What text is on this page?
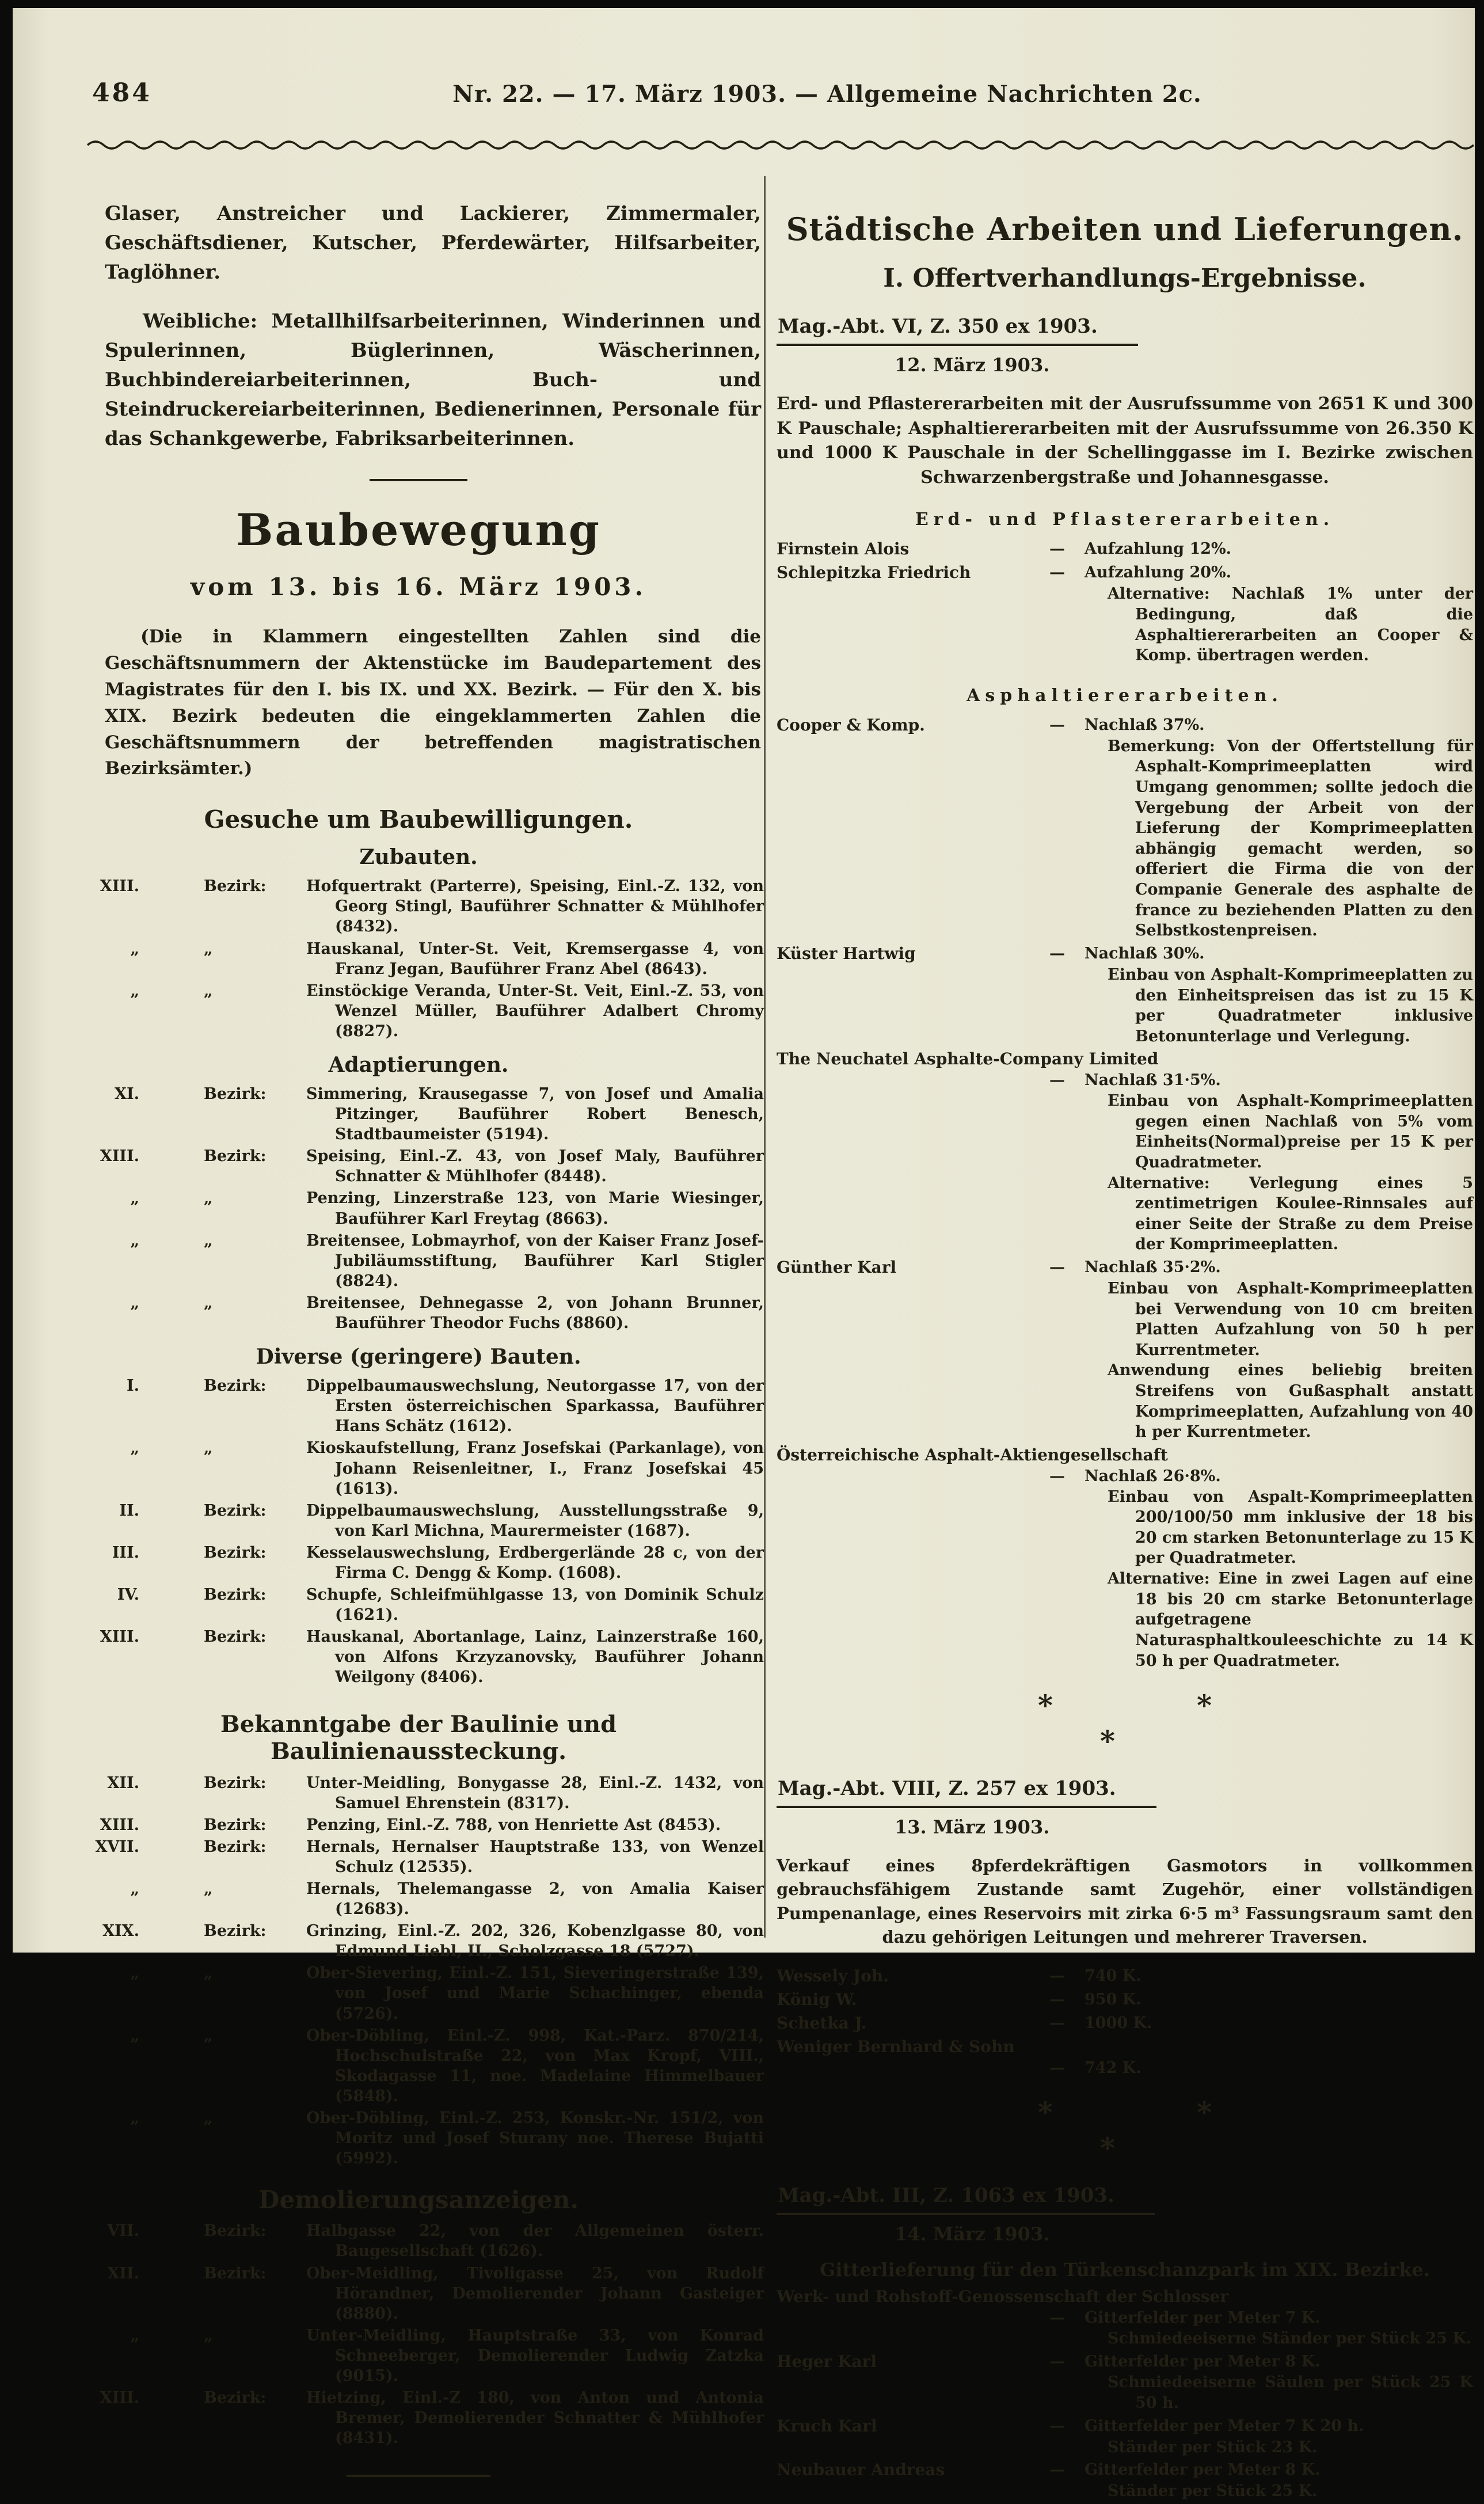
484	Nr. 22. — 17. März 1903. — Allgemeine Nachrichten 2c.

Glaser, Anstreicher und Lackierer, Zimmermaler, Geschäftsdiener, Kutscher, Pferdewärter, Hilfsarbeiter, Taglöhner.

Weibliche: Metallhilfsarbeiterinnen, Winderinnen und Spulerinnen, Büglerinnen, Wäscherinnen, Buchbindereiarbeiterinnen, Buch- und Steindruckereiarbeiterinnen, Bedienerinnen, Personale für das Schankgewerbe, Fabriksarbeiterinnen.

Baubewegung
vom 13. bis 16. März 1903.

(Die in Klammern eingestellten Zahlen sind die Geschäftsnummern der Aktenstücke im Baudepartement des Magistrates für den I. bis IX. und XX. Bezirk. — Für den X. bis XIX. Bezirk bedeuten die eingeklammerten Zahlen die Geschäftsnummern der betreffenden magistratischen Bezirksämter.)

Gesuche um Baubewilligungen.
Zubauten.
XIII.	Bezirk:	Hofquertrakt (Parterre), Speising, Einl.-Z. 132, von Georg Stingl, Bauführer Schnatter & Mühlhofer (8432).
„	„	Hauskanal, Unter-St. Veit, Kremsergasse 4, von Franz Jegan, Bauführer Franz Abel (8643).
„	„	Einstöckige Veranda, Unter-St. Veit, Einl.-Z. 53, von Wenzel Müller, Bauführer Adalbert Chromy (8827).
Adaptierungen.
XI.	Bezirk:	Simmering, Krausegasse 7, von Josef und Amalia Pitzinger, Bauführer Robert Benesch, Stadtbaumeister (5194).
XIII.	Bezirk:	Speising, Einl.-Z. 43, von Josef Maly, Bauführer Schnatter & Mühlhofer (8448).
„	„	Penzing, Linzerstraße 123, von Marie Wiesinger, Bauführer Karl Freytag (8663).
„	„	Breitensee, Lobmayrhof, von der Kaiser Franz Josef-Jubiläumsstiftung, Bauführer Karl Stigler (8824).
„	„	Breitensee, Dehnegasse 2, von Johann Brunner, Bauführer Theodor Fuchs (8860).
Diverse (geringere) Bauten.
I.	Bezirk:	Dippelbaumauswechslung, Neutorgasse 17, von der Ersten österreichischen Sparkassa, Bauführer Hans Schätz (1612).
„	„	Kioskaufstellung, Franz Josefskai (Parkanlage), von Johann Reisenleitner, I., Franz Josefskai 45 (1613).
II.	Bezirk:	Dippelbaumauswechslung, Ausstellungsstraße 9, von Karl Michna, Maurermeister (1687).
III.	Bezirk:	Kesselauswechslung, Erdbergerlände 28 c, von der Firma C. Dengg & Komp. (1608).
IV.	Bezirk:	Schupfe, Schleifmühlgasse 13, von Dominik Schulz (1621).
XIII.	Bezirk:	Hauskanal, Abortanlage, Lainz, Lainzerstraße 160, von Alfons Krzyzanovsky, Bauführer Johann Weilgony (8406).
Bekanntgabe der Baulinie und Baulinienaussteckung.
XII.	Bezirk:	Unter-Meidling, Bonygasse 28, Einl.-Z. 1432, von Samuel Ehrenstein (8317).
XIII.	Bezirk:	Penzing, Einl.-Z. 788, von Henriette Ast (8453).
XVII.	Bezirk:	Hernals, Hernalser Hauptstraße 133, von Wenzel Schulz (12535).
„	„	Hernals, Thelemangasse 2, von Amalia Kaiser (12683).
XIX.	Bezirk:	Grinzing, Einl.-Z. 202, 326, Kobenzlgasse 80, von Edmund Liebl, II., Scholzgasse 18 (5727).
„	„	Ober-Sievering, Einl.-Z. 151, Sieveringerstraße 139, von Josef und Marie Schachinger, ebenda (5726).
„	„	Ober-Döbling, Einl.-Z. 998, Kat.-Parz. 870/214, Hochschulstraße 22, von Max Kropf, VIII., Skodagasse 11, noe. Madelaine Himmelbauer (5848).
„	„	Ober-Döbling, Einl.-Z. 253, Konskr.-Nr. 151/2, von Moritz und Josef Sturany noe. Therese Bujatti (5992).
Demolierungsanzeigen.
VII.	Bezirk:	Halbgasse 22, von der Allgemeinen österr. Baugesellschaft (1626).
XII.	Bezirk:	Ober-Meidling, Tivoligasse 25, von Rudolf Hörandner, Demolierender Johann Gasteiger (8880).
„	„	Unter-Meidling, Hauptstraße 33, von Konrad Schneeberger, Demolierender Ludwig Zatzka (9015).
XIII.	Bezirk:	Hietzing, Einl.-Z 180, von Anton und Antonia Bremer, Demolierender Schnatter & Mühlhofer (8431).
Städtische Arbeiten und Lieferungen.
I. Offertverhandlungs-Ergebnisse.
Mag.-Abt. VI, Z. 350 ex 1903.
12. März 1903.

Erd- und Pflastererarbeiten mit der Ausrufssumme von 2651 K und 300 K Pauschale; Asphaltiererarbeiten mit der Ausrufssumme von 26.350 K und 1000 K Pauschale in der Schellinggasse im I. Bezirke zwischen Schwarzenbergstraße und Johannesgasse.

Erd- und Pflastererarbeiten.
Firnstein Alois	—	Aufzahlung 12%.
Schlepitzka Friedrich	—	Aufzahlung 20%.
Alternative: Nachlaß 1% unter der Bedingung, daß die Asphaltiererarbeiten an Cooper & Komp. übertragen werden.
Asphaltiererarbeiten.
Cooper & Komp.	—	Nachlaß 37%.
Bemerkung: Von der Offertstellung für Asphalt-Komprimeeplatten wird Umgang genommen; sollte jedoch die Vergebung der Arbeit von der Lieferung der Komprimeeplatten abhängig gemacht werden, so offeriert die Firma die von der Companie Generale des asphalte de france zu beziehenden Platten zu den Selbstkostenpreisen.
Küster Hartwig	—	Nachlaß 30%.
Einbau von Asphalt-Komprimeeplatten zu den Einheitspreisen das ist zu 15 K per Quadratmeter inklusive Betonunterlage und Verlegung.
The Neuchatel Asphalte-Company Limited
—	Nachlaß 31·5%.
Einbau von Asphalt-Komprimeeplatten gegen einen Nachlaß von 5% vom Einheits(Normal)preise per 15 K per Quadratmeter.
Alternative: Verlegung eines 5 zentimetrigen Koulee-Rinnsales auf einer Seite der Straße zu dem Preise der Komprimeeplatten.
Günther Karl	—	Nachlaß 35·2%.
Einbau von Asphalt-Komprimeeplatten bei Verwendung von 10 cm breiten Platten Aufzahlung von 50 h per Kurrentmeter.
Anwendung eines beliebig breiten Streifens von Gußasphalt anstatt Komprimeeplatten, Aufzahlung von 40 h per Kurrentmeter.
Österreichische Asphalt-Aktiengesellschaft
—	Nachlaß 26·8%.
Einbau von Aspalt-Komprimeeplatten 200/100/50 mm inklusive der 18 bis 20 cm starken Betonunterlage zu 15 K per Quadratmeter.
Alternative: Eine in zwei Lagen auf eine 18 bis 20 cm starke Betonunterlage aufgetragene Naturasphaltkouleeschichte zu 14 K 50 h per Quadratmeter.
*	*
*
Mag.-Abt. VIII, Z. 257 ex 1903.
13. März 1903.

Verkauf eines 8pferdekräftigen Gasmotors in vollkommen gebrauchsfähigem Zustande samt Zugehör, einer vollständigen Pumpenanlage, eines Reservoirs mit zirka 6·5 m³ Fassungsraum samt den dazu gehörigen Leitungen und mehrerer Traversen.

Wessely Joh.	—	740 K.
König W.	—	950 K.
Schetka J.	—	1000 K.
Weniger Bernhard & Sohn
—	742 K.
*	*
*
Mag.-Abt. III, Z. 1063 ex 1903.
14. März 1903.
Gitterlieferung für den Türkenschanzpark im XIX. Bezirke.
Werk- und Rohstoff-Genossenschaft der Schlosser
—	Gitterfelder per Meter 7 K.
Schmiedeeiserne Ständer per Stück 25 K.
Heger Karl	—	Gitterfelder per Meter 8 K.
Schmiedeeiserne Säulen per Stück 25 K 50 h.
Kruch Karl	—	Gitterfelder per Meter 7 K 20 h.
Ständer per Stück 23 K.
Neubauer Andreas	—	Gitterfelder per Meter 8 K.
Ständer per Stück 25 K.
